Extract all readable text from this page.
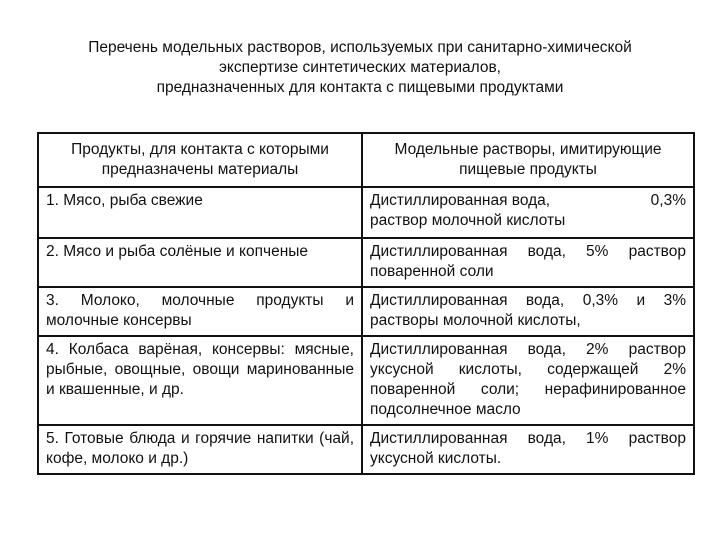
Перечень модельных растворов, используемых при санитарно-химической
экспертизе синтетических материалов,
предназначенных для контакта с пищевыми продуктами
Продукты, для контакта с которыми предназначены материалы	Модельные растворы, имитирующие пищевые продукты
1. Мясо, рыба свежие	Дистиллированная вода, 0,3%
раствор молочной кислоты

2. Мясо и рыба солёные и копченые	Дистиллированная вода, 5% раствор поваренной соли
3. Молоко, молочные продукты и молочные консервы	Дистиллированная вода, 0,3% и 3% растворы молочной кислоты,
4. Колбаса варёная, консервы: мясные, рыбные, овощные, овощи маринованные и квашенные, и др.	Дистиллированная вода, 2% раствор уксусной кислоты, содержащей 2% поваренной соли; нерафинированное подсолнечное масло
5. Готовые блюда и горячие напитки (чай, кофе, молоко и др.)	Дистиллированная вода, 1% раствор уксусной кислоты.
